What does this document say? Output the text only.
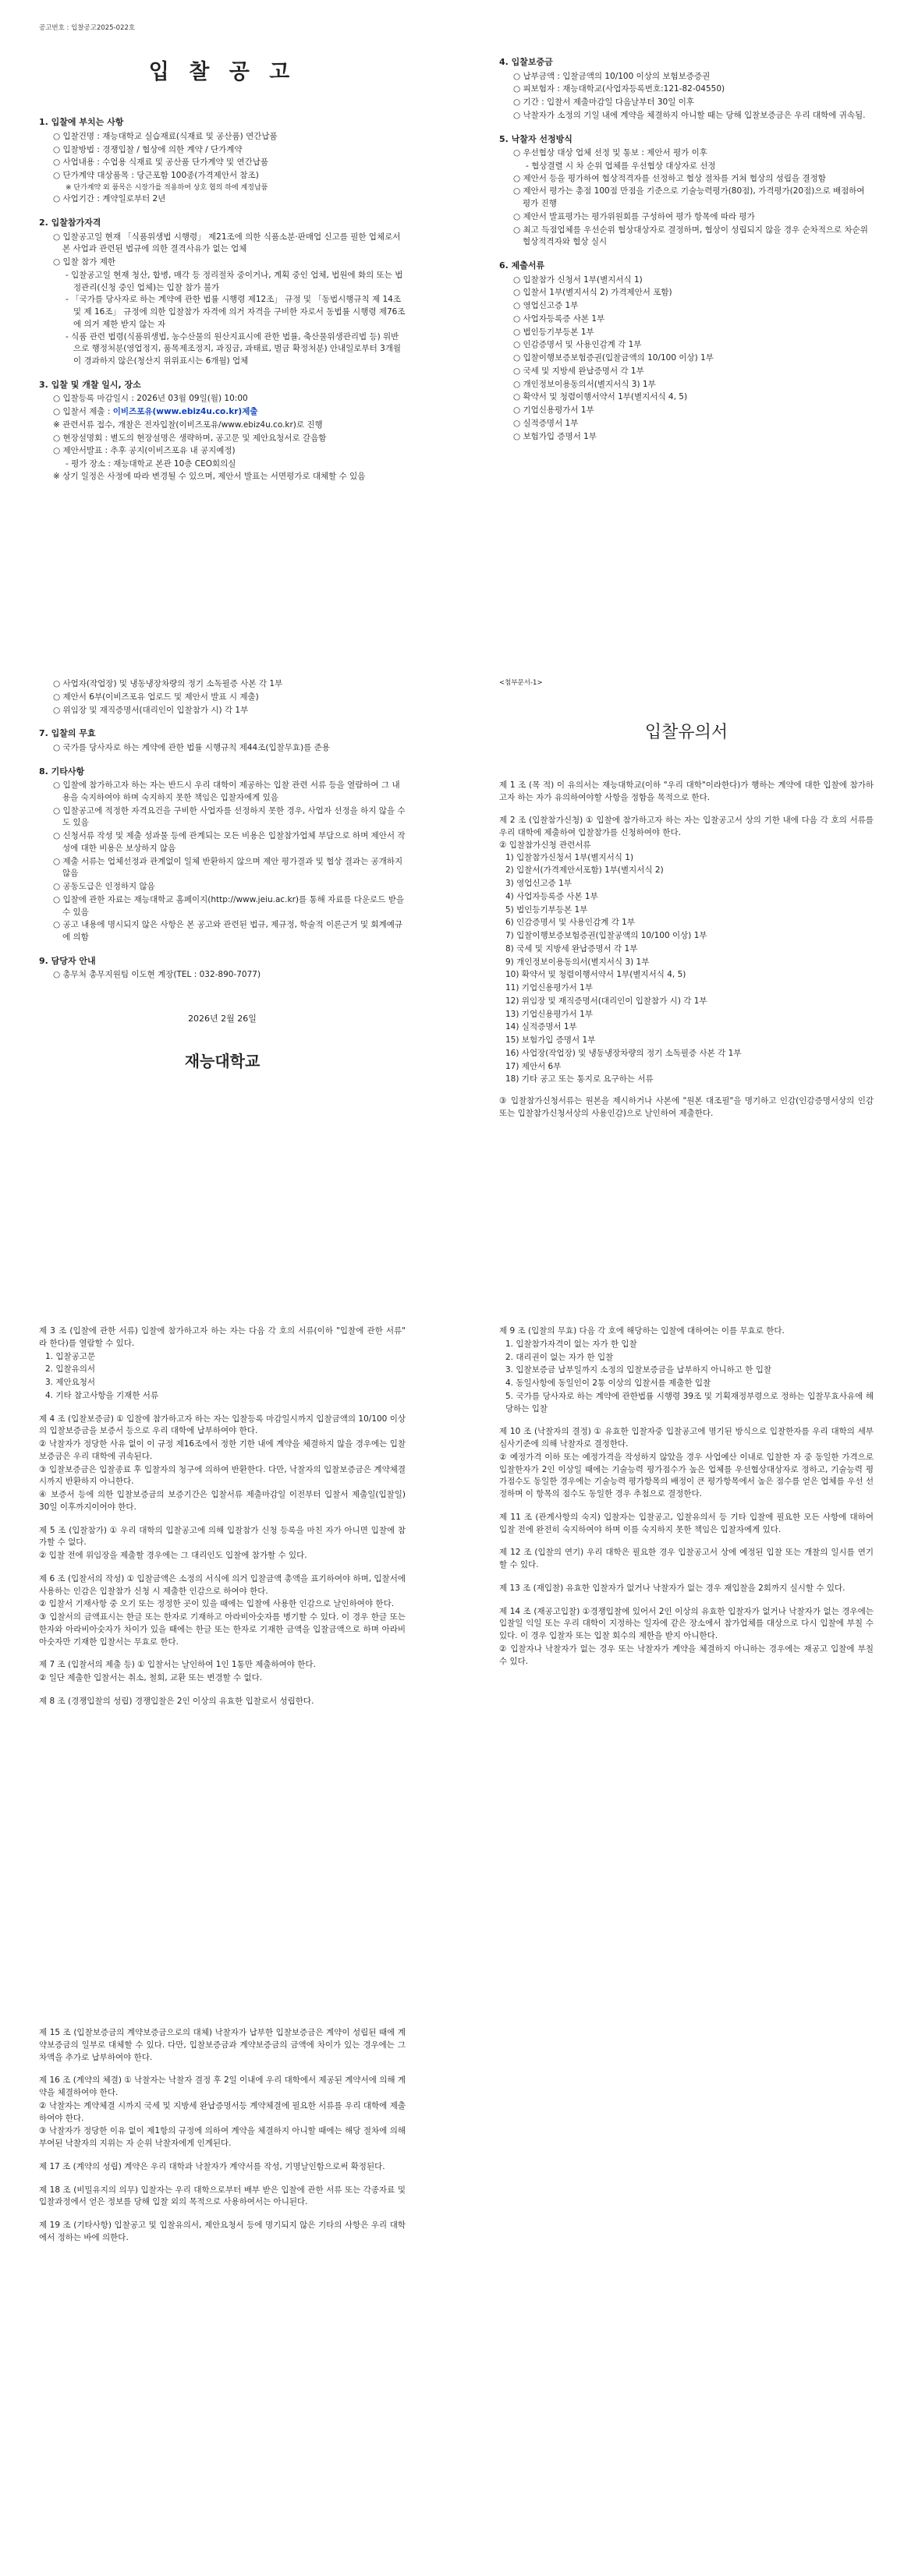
공고번호 : 입찰공고2025-022호
입 찰 공 고
1. 입찰에 부치는 사항
○ 입찰건명 : 재능대학교 실습재료(식재료 및 공산품) 연간납품
○ 입찰방법 : 경쟁입찰 / 협상에 의한 계약 / 단가계약
○ 사업내용 : 수업용 식재료 및 공산품 단가계약 및 연간납품
○ 단가계약 대상품목 : 당근포함 100종(가격제안서 참조)
※ 단가계약 외 품목은 시장가를 적용하여 상호 협의 하에 계정납품
○ 사업기간 : 계약일로부터 2년
2. 입찰참가자격
○ 입찰공고일 현재 「식품위생법 시행령」 제21조에 의한 식품소분·판매업 신고를 필한 업체로서 본 사업과 관련된 법규에 의한 결격사유가 없는 업체
○ 입찰 참가 제한
- 입찰공고일 현재 청산, 합병, 매각 등 정리절차 중이거나, 계획 중인 업체, 법원에 화의 또는 법정관리(신청 중인 업체)는 입찰 참가 불가
- 「국가를 당사자로 하는 계약에 관한 법률 시행령 제12조」 규정 및 「동법시행규칙 제 14조 및 제 16조」 규정에 의한 입찰참가 자격에 의거 자격을 구비한 자로서 동법률 시행령 제76조에 의거 제한 받지 않는 자
- 식품 관련 법령(식품위생법, 농수산물의 원산지표시에 관한 법률, 축산물위생관리법 등) 위반으로 행정처분(영업정지, 품목제조정지, 과징금, 과태료, 벌금 확정처분) 안내일로부터 3개월이 경과하지 않은(청산지 위위표시는 6개월) 업체
3. 입찰 및 개찰 일시, 장소
○ 입찰등록 마감일시 : 2026년 03월 09일(월) 10:00
○ 입찰서 제출 : 이비즈포유(www.ebiz4u.co.kr)제출
※ 관련서류 접수, 개찰은 전자입찰(이비즈포유/www.ebiz4u.co.kr)로 진행
○ 현장설명회 : 별도의 현장설명은 생략하며, 공고문 및 제안요청서로 갈음함
○ 제안서발표 : 추후 공지(이비즈포유 내 공지예정)
- 평가 장소 : 재능대학교 본관 10층 CEO회의실
※ 상기 일정은 사정에 따라 변경될 수 있으며, 제안서 발표는 서면평가로 대체할 수 있음
4. 입찰보증금
○ 납부금액 : 입찰금액의 10/100 이상의 보험보증증권
○ 피보험자 : 재능대학교(사업자등록번호:121-82-04550)
○ 기간 : 입찰서 제출마감일 다음날부터 30일 이후
○ 낙찰자가 소정의 기일 내에 계약을 체결하지 아니할 때는 당해 입찰보증금은 우리 대학에 귀속됨.
5. 낙찰자 선정방식
○ 우선협상 대상 업체 선정 및 통보 : 제안서 평가 이후
- 협상결렬 시 차 순위 업체를 우선협상 대상자로 선정
○ 제안서 등을 평가하여 협상적격자를 선정하고 협상 절차를 거쳐 협상의 성립을 결정함
○ 제안서 평가는 총점 100점 만점을 기준으로 기술능력평가(80점), 가격평가(20점)으로 배점하여 평가 진행
○ 제안서 발표평가는 평가위원회를 구성하여 평가 항목에 따라 평가
○ 최고 득점업체를 우선순위 협상대상자로 결정하며, 협상이 성립되지 않을 경우 순차적으로 차순위 협상적격자와 협상 실시
6. 제출서류
○ 입찰참가 신청서 1부(별지서식 1)
○ 입찰서 1부(별지서식 2) 가격제안서 포함)
○ 영업신고증 1부
○ 사업자등록증 사본 1부
○ 법인등기부등본 1부
○ 인감증명서 및 사용인감계 각 1부
○ 입찰이행보증보험증권(입찰금액의 10/100 이상) 1부
○ 국세 및 지방세 완납증명서 각 1부
○ 개인정보이용동의서(별지서식 3) 1부
○ 확약서 및 청렴이행서약서 1부(별지서식 4, 5)
○ 기업신용평가서 1부
○ 실적증명서 1부
○ 보험가입 증명서 1부
○ 사업자(작업장) 및 냉동냉장차량의 정기 소독필증 사본 각 1부
○ 제안서 6부(이비즈포유 업로드 및 제안서 발표 시 제출)
○ 위임장 및 재직증명서(대리인이 입찰참가 시) 각 1부
7. 입찰의 무효
○ 국가를 당사자로 하는 계약에 관한 법률 시행규칙 제44조(입찰무효)를 준용
8. 기타사항
○ 입찰에 참가하고자 하는 자는 반드시 우리 대학이 제공하는 입찰 관련 서류 등을 열람하여 그 내용을 숙지하여야 하며 숙지하지 못한 책임은 입찰자에게 있음
○ 입찰공고에 적정한 자격요건을 구비한 사업자를 선정하지 못한 경우, 사업자 선정을 하지 않을 수도 있음
○ 신청서류 작성 및 제출 성과물 등에 관계되는 모든 비용은 입찰참가업체 부담으로 하며 제안서 작성에 대한 비용은 보상하지 않음
○ 제출 서류는 업체선정과 관계없이 일체 반환하지 않으며 제안 평가결과 및 협상 결과는 공개하지 않음
○ 공동도급은 인정하지 않음
○ 입찰에 관한 자료는 재능대학교 홈페이지(http://www.jeiu.ac.kr)를 통해 자료를 다운로드 받을 수 있음
○ 공고 내용에 명시되지 않은 사항은 본 공고와 관련된 법규, 제규정, 학술적 이론근거 및 회계예규에 의함
9. 담당자 안내
○ 총무처 총무지원팀 이도현 계장(TEL : 032-890-7077)
2026년 2월 26일
재능대학교
<첨부문서-1>
입찰유의서
제 1 조 (목 적) 이 유의서는 재능대학교(이하 "우리 대학"이라한다)가 행하는 계약에 대한 입찰에 참가하고자 하는 자가 유의하여야할 사항을 정함을 목적으로 한다.
제 2 조 (입찰참가신청) ① 입찰에 참가하고자 하는 자는 입찰공고서 상의 기한 내에 다음 각 호의 서류를 우리 대학에 제출하여 입찰참가를 신청하여야 한다.
② 입찰참가신청 관련서류
1) 입찰참가신청서 1부(별지서식 1)
2) 입찰서(가격제안서포함) 1부(별지서식 2)
3) 영업신고증 1부
4) 사업자등록증 사본 1부
5) 법인등기부등본 1부
6) 인감증명서 및 사용인감계 각 1부
7) 입찰이행보증보험증권(입찰공액의 10/100 이상) 1부
8) 국세 및 지방세 완납증명서 각 1부
9) 개인정보이용동의서(별지서식 3) 1부
10) 확약서 및 청렴이행서약서 1부(별지서식 4, 5)
11) 기업신용평가서 1부
12) 위임장 및 재직증명서(대리인이 입찰참가 시) 각 1부
13) 기업신용평가서 1부
14) 실적증명서 1부
15) 보험가입 증명서 1부
16) 사업장(작업장) 및 냉동냉장차량의 정기 소독필증 사본 각 1부
17) 제안서 6부
18) 기타 공고 또는 통지로 요구하는 서류
③ 입찰참가신청서류는 원본을 제시하거나 사본에 "원본 대조필"을 명기하고 인감(인감증명서상의 인감 또는 입찰참가신청서상의 사용인감)으로 날인하여 제출한다.
제 3 조 (입찰에 관한 서류) 입찰에 참가하고자 하는 자는 다음 각 호의 서류(이하 "입찰에 관한 서류" 라 한다)를 열람할 수 있다.
1. 입찰공고문
2. 입찰유의서
3. 제안요청서
4. 기타 참고사항을 기재한 서류
제 4 조 (입찰보증금) ① 입찰에 참가하고자 하는 자는 입찰등록 마감일시까지 입찰금액의 10/100 이상의 입찰보증금을 보증서 등으로 우리 대학에 납부하여야 한다.
② 낙찰자가 정당한 사유 없이 이 규정 제16조에서 정한 기한 내에 계약을 체결하지 않을 경우에는 입찰보증금은 우리 대학에 귀속된다.
③ 입찰보증금은 입찰종료 후 입찰자의 청구에 의하여 반환한다. 다만, 낙찰자의 입찰보증금은 계약체결 시까지 반환하지 아니한다.
④ 보증서 등에 의한 입찰보증금의 보증기간은 입찰서류 제출마감일 이전부터 입찰서 제출일(입찰일) 30일 이후까지이어야 한다.
제 5 조 (입찰참가) ① 우리 대학의 입찰공고에 의해 입찰참가 신청 등록을 마친 자가 아니면 입찰에 참가할 수 없다.
② 입찰 전에 위임장을 제출할 경우에는 그 대리인도 입찰에 참가할 수 있다.
제 6 조 (입찰서의 작성) ① 입찰금액은 소정의 서식에 의거 입찰금액 총액을 표기하여야 하며, 입찰서에 사용하는 인감은 입찰참가 신청 시 제출한 인감으로 하여야 한다.
② 입찰서 기재사항 중 오기 또는 정정한 곳이 있을 때에는 입찰에 사용한 인감으로 날인하여야 한다.
③ 입찰서의 금액표시는 한글 또는 한자로 기재하고 아라비아숫자를 병기할 수 있다. 이 경우 한글 또는 한자와 아라비아숫자가 차이가 있을 때에는 한글 또는 한자로 기재한 금액을 입찰금액으로 하며 아라비아숫자만 기재한 입찰서는 무효로 한다.
제 7 조 (입찰서의 제출 등) ① 입찰서는 날인하여 1인 1통만 제출하여야 한다.
② 일단 제출한 입찰서는 취소, 철회, 교환 또는 변경할 수 없다.
제 8 조 (경쟁입찰의 성립) 경쟁입찰은 2인 이상의 유효한 입찰로서 성립한다.
제 9 조 (입찰의 무효) 다음 각 호에 해당하는 입찰에 대하여는 이를 무효로 한다.
1. 입찰참가자격이 없는 자가 한 입찰
2. 대리권이 없는 자가 한 입찰
3. 입찰보증금 납부일까지 소정의 입찰보증금을 납부하지 아니하고 한 입찰
4. 동일사항에 동일인이 2통 이상의 입찰서를 제출한 입찰
5. 국가를 당사자로 하는 계약에 관한법률 시행령 39조 및 기획재정부령으로 정하는 입찰무효사유에 해당하는 입찰
제 10 조 (낙찰자의 결정) ① 유효한 입찰자중 입찰공고에 명기된 방식으로 입찰한자를 우리 대학의 세부심사기준에 의해 낙찰자로 결정한다.
② 예정가격 이하 또는 예정가격을 작성하지 않았을 경우 사업예산 이내로 입찰한 자 중 동일한 가격으로 입찰한자가 2인 이상일 때에는 기술능력 평가점수가 높은 업체를 우선협상대상자로 정하고, 기술능력 평가점수도 동일한 경우에는 기술능력 평가항목의 배정이 큰 평가항목에서 높은 점수를 얻은 업체를 우선 선정하며 이 항목의 점수도 동일한 경우 추첨으로 결정한다.
제 11 조 (관계사항의 숙지) 입찰자는 입찰공고, 입찰유의서 등 기타 입찰에 필요한 모든 사항에 대하여 입찰 전에 완전히 숙지하여야 하며 이를 숙지하지 못한 책임은 입찰자에게 있다.
제 12 조 (입찰의 연기) 우리 대학은 필요한 경우 입찰공고서 상에 예정된 입찰 또는 개찰의 일시를 연기할 수 있다.
제 13 조 (재입찰) 유효한 입찰자가 없거나 낙찰자가 없는 경우 재입찰을 2회까지 실시할 수 있다.
제 14 조 (재공고입찰) ①경쟁입찰에 있어서 2인 이상의 유효한 입찰자가 없거나 낙찰자가 없는 경우에는 입찰일 익일 또는 우리 대학이 지정하는 일자에 같은 장소에서 참가업체를 대상으로 다시 입찰에 부칠 수 있다. 이 경우 입찰자 또는 입찰 회수의 제한을 받지 아니한다.
② 입찰자나 낙찰자가 없는 경우 또는 낙찰자가 계약을 체결하지 아니하는 경우에는 재공고 입찰에 부칠 수 있다.
제 15 조 (입찰보증금의 계약보증금으로의 대체) 낙찰자가 납부한 입찰보증금은 계약이 성립된 때에 계약보증금의 일부로 대체할 수 있다. 다만, 입찰보증금과 계약보증금의 금액에 차이가 있는 경우에는 그 차액을 추가로 납부하여야 한다.
제 16 조 (계약의 체결) ① 낙찰자는 낙찰자 결정 후 2일 이내에 우리 대학에서 제공된 계약서에 의해 계약을 체결하여야 한다.
② 낙찰자는 계약체결 시까지 국세 및 지방세 완납증명서등 계약체결에 필요한 서류를 우리 대학에 제출하여야 한다.
③ 낙찰자가 정당한 이유 없이 제1항의 규정에 의하여 계약을 체결하지 아니할 때에는 해당 절차에 의해 부여된 낙찰자의 지위는 자 순위 낙찰자에게 인계된다.
제 17 조 (계약의 성립) 계약은 우리 대학과 낙찰자가 계약서를 작성, 기명날인함으로써 확정된다.
제 18 조 (비밀유지의 의무) 입찰자는 우리 대학으로부터 배부 받은 입찰에 관한 서류 또는 각종자료 및 입찰과정에서 얻은 정보를 당해 입찰 외의 목적으로 사용하여서는 아니된다.
제 19 조 (기타사항) 입찰공고 및 입찰유의서, 제안요청서 등에 명기되지 않은 기타의 사항은 우리 대학에서 정하는 바에 의한다.
